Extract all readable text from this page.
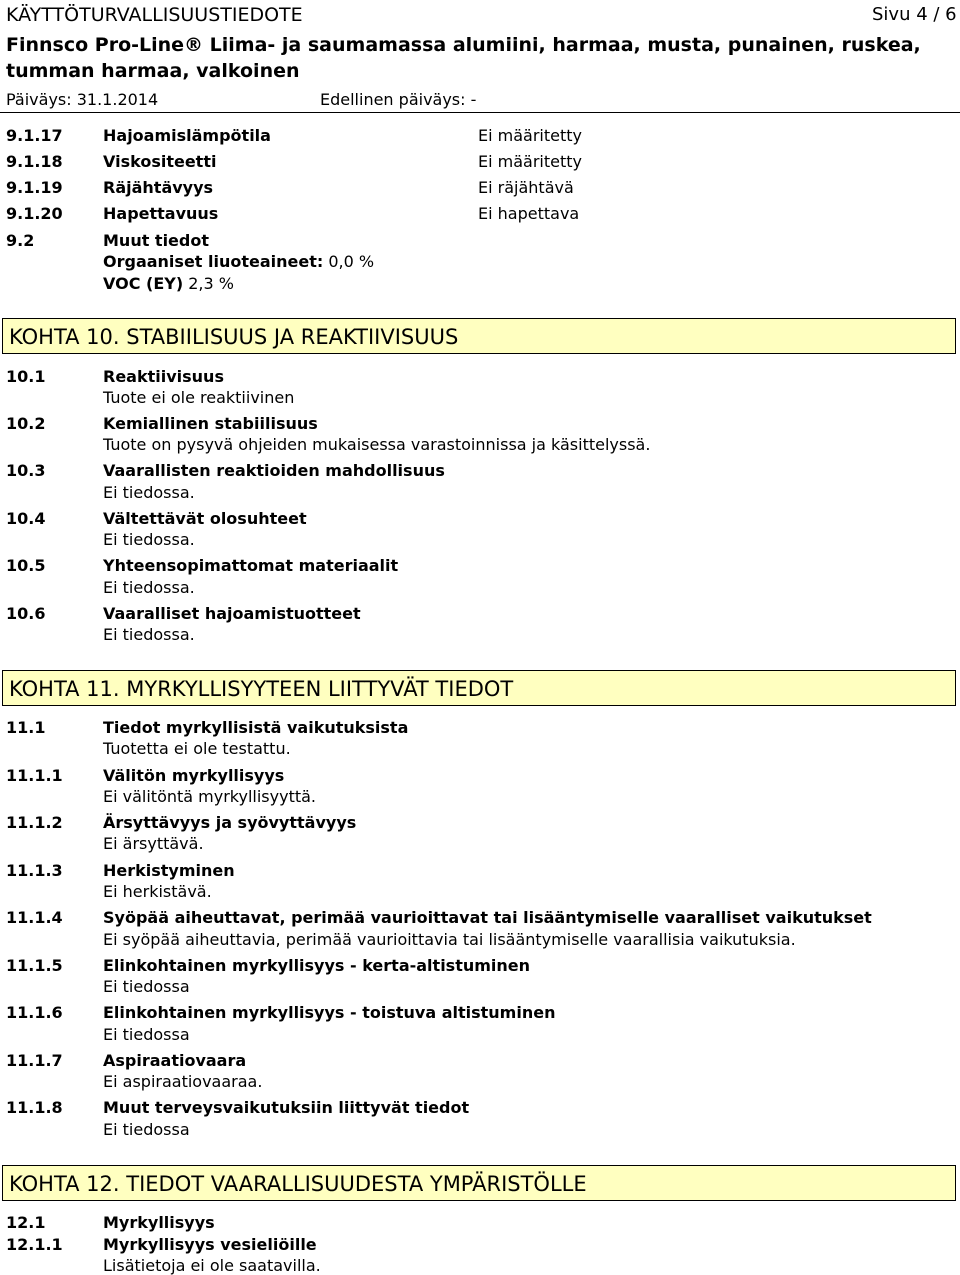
KÄYTTÖTURVALLISUUSTIEDOTE	Sivu 4 / 6
Finnsco Pro-Line® Liima- ja saumamassa alumiini, harmaa, musta, punainen, ruskea,
tumman harmaa, valkoinen
Päiväys: 31.1.2014	Edellinen päiväys: -
9.1.17	Hajoamislämpötila	Ei määritetty
9.1.18	Viskositeetti	Ei määritetty
9.1.19	Räjähtävyys	Ei räjähtävä
9.1.20	Hapettavuus	Ei hapettava
9.2	Muut tiedot
Orgaaniset liuoteaineet: 0,0 %
VOC (EY) 2,3 %
KOHTA 10. STABIILISUUS JA REAKTIIVISUUS
10.1	Reaktiivisuus
Tuote ei ole reaktiivinen
10.2	Kemiallinen stabiilisuus
Tuote on pysyvä ohjeiden mukaisessa varastoinnissa ja käsittelyssä.
10.3	Vaarallisten reaktioiden mahdollisuus
Ei tiedossa.
10.4	Vältettävät olosuhteet
Ei tiedossa.
10.5	Yhteensopimattomat materiaalit
Ei tiedossa.
10.6	Vaaralliset hajoamistuotteet
Ei tiedossa.
KOHTA 11. MYRKYLLISYYTEEN LIITTYVÄT TIEDOT
11.1	Tiedot myrkyllisistä vaikutuksista
Tuotetta ei ole testattu.
11.1.1	Välitön myrkyllisyys
Ei välitöntä myrkyllisyyttä.
11.1.2	Ärsyttävyys ja syövyttävyys
Ei ärsyttävä.
11.1.3	Herkistyminen
Ei herkistävä.
11.1.4	Syöpää aiheuttavat, perimää vaurioittavat tai lisääntymiselle vaaralliset vaikutukset
Ei syöpää aiheuttavia, perimää vaurioittavia tai lisääntymiselle vaarallisia vaikutuksia.
11.1.5	Elinkohtainen myrkyllisyys - kerta-altistuminen
Ei tiedossa
11.1.6	Elinkohtainen myrkyllisyys - toistuva altistuminen
Ei tiedossa
11.1.7	Aspiraatiovaara
Ei aspiraatiovaaraa.
11.1.8	Muut terveysvaikutuksiin liittyvät tiedot
Ei tiedossa
KOHTA 12. TIEDOT VAARALLISUUDESTA YMPÄRISTÖLLE
12.1	Myrkyllisyys
12.1.1	Myrkyllisyys vesieliöille
Lisätietoja ei ole saatavilla.
